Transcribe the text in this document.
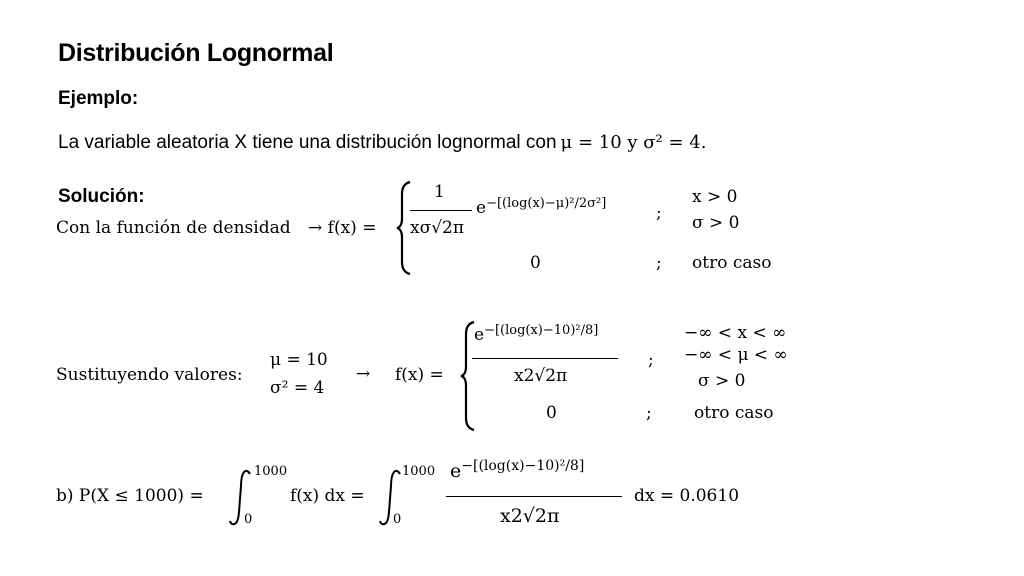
Distribución Lognormal
Ejemplo:
La variable aleatoria X tiene una distribución lognormal con μ = 10 y σ² = 4.
Solución:
Con la función de densidad → f(x) =
1
xσ√2π
$e^{-[(log(x)-\mu)^2/2\sigma^2]}$	;
x > 0
σ > 0
0	; otro caso
Sustituyendo valores:
μ = 10
σ² = 4
→ f(x) =
$e^{-[(log(x)-10)^2/8]}$
x2√2π
;
−∞ < x < ∞
−∞ < μ < ∞
σ > 0
0	; otro caso
b) P(X ≤ 1000) =
1000
0
f(x) dx =
1000
0
e−[(log(x)−10)²/8]
x2√2π
dx = 0.0610
